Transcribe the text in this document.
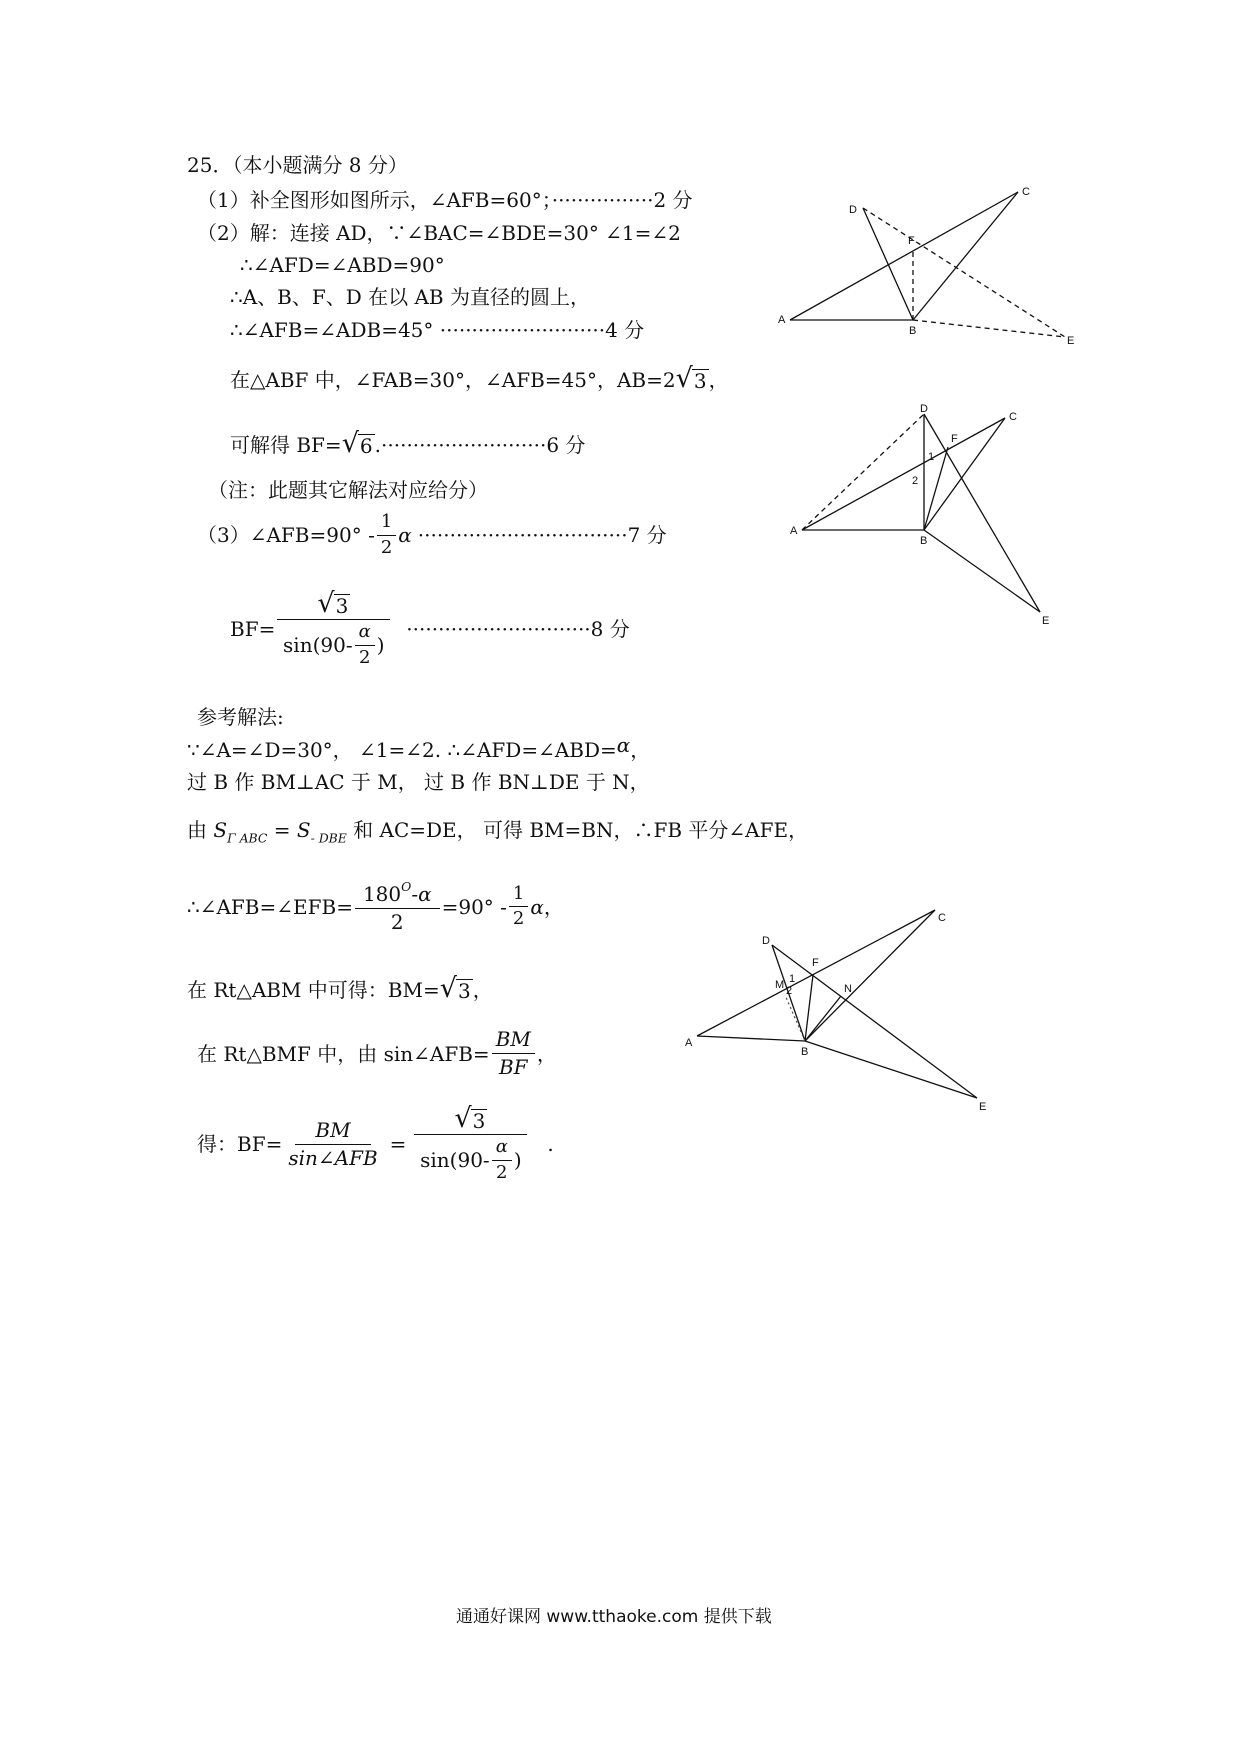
25．（本小题满分 8 分）
（1）补全图形如图所示，∠AFB=60°；················2 分
（2）解：连接 AD，∵∠BAC=∠BDE=30° ∠1=∠2
∴∠AFD=∠ABD=90°
∴A、B、F、D 在以 AB 为直径的圆上，
∴∠AFB=∠ADB=45° ··························4 分
在△ABF 中，∠FAB=30°，∠AFB=45°，AB=2 √ 3 ，
可解得 BF= √ 6 .··························6 分
（注：此题其它解法对应给分）
（3）∠AFB=90° - $\frac{1}{2}$ α ································· 7 分
$BF= \frac{√ 3}{\sin(90- \frac{\alpha}{2} )}$ ····························· 8 分
参考解法:
∵∠A=∠D=30°， ∠1=∠2. ∴∠AFD=∠ABD=α，
过 B 作 BM⊥AC 于 M， 过 B 作 BN⊥DE 于 N，
由 $S_{\Gamma ABC} = S_{- DBE}$ 和 AC=DE， 可得 BM=BN，∴FB 平分∠AFE，
∴∠AFB=∠EFB= $\frac{180^O-\alpha}{2} =90^\circ - \frac{1}{2}$ α ，
在 Rt△ABM 中可得：BM= √ 3 ，
在 Rt△BMF 中，由 sin∠AFB= $\frac{BM}{BF}$ ，
得：$BF= \frac{BM}{\text{sin∠AFB}} = \frac{√ 3}{\sin(90- \frac{\alpha}{2} )}$ .
D
C
F
A
B
E
D
C
F
1
2
A
B
E
D
C
F
M 1
2	N
A
B
E
通通好课网 www.tthaoke.com 提供下载
